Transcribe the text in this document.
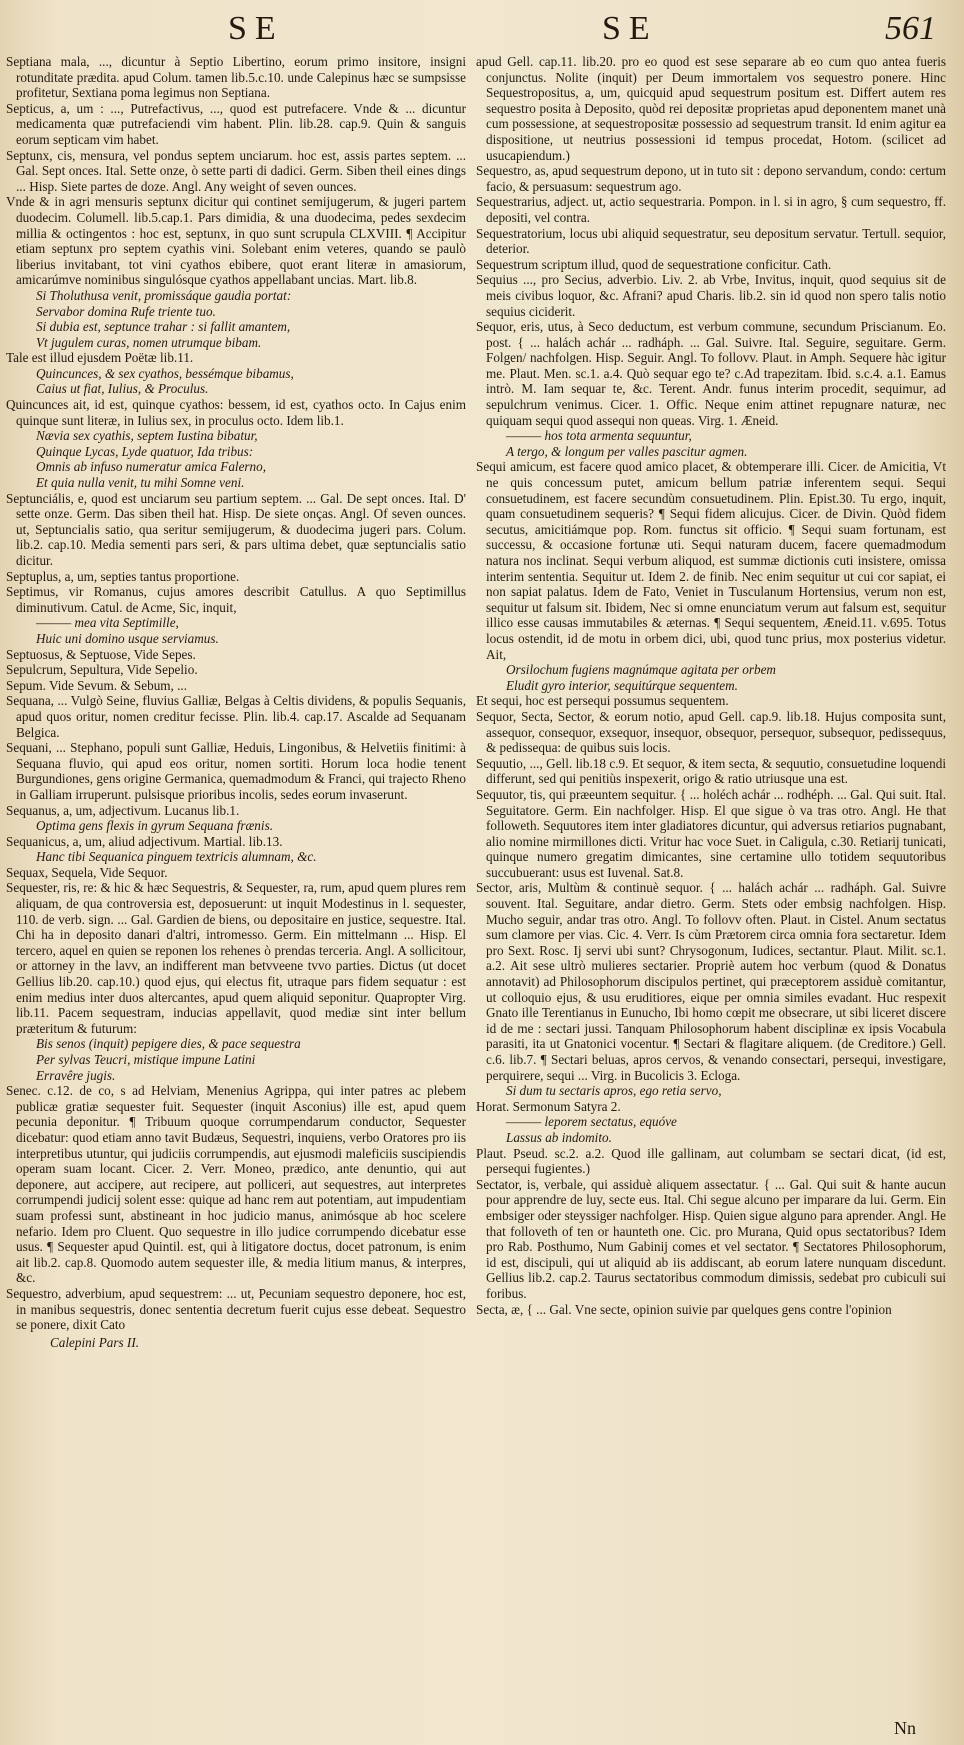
SE	SE	561

Septiana mala, ..., dicuntur à Septio Libertino, eorum primo insitore, insigni rotunditate prædita. apud Colum. tamen lib.5.c.10. unde Calepinus hæc se sumpsisse profitetur, Sextiana poma legimus non Septiana.

Septicus, a, um : ..., Putrefactivus, ..., quod est putrefacere. Vnde & ... dicuntur medicamenta quæ putrefaciendi vim habent. Plin. lib.28. cap.9. Quin & sanguis eorum septicam vim habet.

Septunx, cis, mensura, vel pondus septem unciarum. hoc est, assis partes septem. ... Gal. Sept onces. Ital. Sette onze, ò sette parti di dadici. Germ. Siben theil eines dings ... Hisp. Siete partes de doze. Angl. Any weight of seven ounces.

Vnde & in agri mensuris septunx dicitur qui continet semijugerum, & jugeri partem duodecim. Columell. lib.5.cap.1. Pars dimidia, & una duodecima, pedes sexdecim millia & octingentos : hoc est, septunx, in quo sunt scrupula CLXVIII. ¶ Accipitur etiam septunx pro septem cyathis vini. Solebant enim veteres, quando se paulò liberius invitabant, tot vini cyathos ebibere, quot erant literæ in amasiorum, amicarúmve nominibus singulósque cyathos appellabant uncias. Mart. lib.8.

Si Tholuthusa venit, promissáque gaudia portat:

Servabor domina Rufe triente tuo.

Si dubia est, septunce trahar : si fallit amantem,

Vt jugulem curas, nomen utrumque bibam.

Tale est illud ejusdem Poëtæ lib.11.

Quincunces, & sex cyathos, bessémque bibamus,

Caius ut fiat, Iulius, & Proculus.

Quincunces ait, id est, quinque cyathos: bessem, id est, cyathos octo. In Cajus enim quinque sunt literæ, in Iulius sex, in proculus octo. Idem lib.1.

Nævia sex cyathis, septem Iustina bibatur,

Quinque Lycas, Lyde quatuor, Ida tribus:

Omnis ab infuso numeratur amica Falerno,

Et quia nulla venit, tu mihi Somne veni.

Septunciális, e, quod est unciarum seu partium septem. ... Gal. De sept onces. Ital. D' sette onze. Germ. Das siben theil hat. Hisp. De siete onças. Angl. Of seven ounces. ut, Septuncialis satio, qua seritur semijugerum, & duodecima jugeri pars. Colum. lib.2. cap.10. Media sementi pars seri, & pars ultima debet, quæ septuncialis satio dicitur.

Septuplus, a, um, septies tantus proportione.

Septimus, vir Romanus, cujus amores describit Catullus. A quo Septimillus diminutivum. Catul. de Acme, Sic, inquit,

——— mea vita Septimille,

Huic uni domino usque serviamus.

Septuosus, & Septuose, Vide Sepes.

Sepulcrum, Sepultura, Vide Sepelio.

Sepum. Vide Sevum. & Sebum, ...

Sequana, ... Vulgò Seine, fluvius Galliæ, Belgas à Celtis dividens, & populis Sequanis, apud quos oritur, nomen creditur fecisse. Plin. lib.4. cap.17. Ascalde ad Sequanam Belgica.

Sequani, ... Stephano, populi sunt Galliæ, Heduis, Lingonibus, & Helvetiis finitimi: à Sequana fluvio, qui apud eos oritur, nomen sortiti. Horum loca hodie tenent Burgundiones, gens origine Germanica, quemadmodum & Franci, qui trajecto Rheno in Galliam irruperunt. pulsisque prioribus incolis, sedes eorum invaserunt.

Sequanus, a, um, adjectivum. Lucanus lib.1.

Optima gens flexis in gyrum Sequana frænis.

Sequanicus, a, um, aliud adjectivum. Martial. lib.13.

Hanc tibi Sequanica pinguem textricis alumnam, &c.

Sequax, Sequela, Vide Sequor.

Sequester, ris, re: & hic & hæc Sequestris, & Sequester, ra, rum, apud quem plures rem aliquam, de qua controversia est, deposuerunt: ut inquit Modestinus in l. sequester, 110. de verb. sign. ... Gal. Gardien de biens, ou depositaire en justice, sequestre. Ital. Chi ha in deposito danari d'altri, intromesso. Germ. Ein mittelmann ... Hisp. El tercero, aquel en quien se reponen los rehenes ò prendas terceria. Angl. A sollicitour, or attorney in the lavv, an indifferent man betvveene tvvo parties. Dictus (ut docet Gellius lib.20. cap.10.) quod ejus, qui electus fit, utraque pars fidem sequatur : est enim medius inter duos altercantes, apud quem aliquid seponitur. Quapropter Virg. lib.11. Pacem sequestram, inducias appellavit, quod mediæ sint inter bellum præteritum & futurum:

Bis senos (inquit) pepigere dies, & pace sequestra

Per sylvas Teucri, mistique impune Latini

Erravêre jugis.

Senec. c.12. de co, s ad Helviam, Menenius Agrippa, qui inter patres ac plebem publicæ gratiæ sequester fuit. Sequester (inquit Asconius) ille est, apud quem pecunia deponitur. ¶ Tribuum quoque corrumpendarum conductor, Sequester dicebatur: quod etiam anno tavit Budæus, Sequestri, inquiens, verbo Oratores pro iis interpretibus utuntur, qui judiciis corrumpendis, aut ejusmodi maleficiis suscipiendis operam suam locant. Cicer. 2. Verr. Moneo, prædico, ante denuntio, qui aut deponere, aut accipere, aut recipere, aut polliceri, aut sequestres, aut interpretes corrumpendi judicij solent esse: quique ad hanc rem aut potentiam, aut impudentiam suam professi sunt, abstineant in hoc judicio manus, animósque ab hoc scelere nefario. Idem pro Cluent. Quo sequestre in illo judice corrumpendo dicebatur esse usus. ¶ Sequester apud Quintil. est, qui à litigatore doctus, docet patronum, is enim ait lib.2. cap.8. Quomodo autem sequester ille, & media litium manus, & interpres, &c.

Sequestro, adverbium, apud sequestrem: ... ut, Pecuniam sequestro deponere, hoc est, in manibus sequestris, donec sententia decretum fuerit cujus esse debeat. Sequestro se ponere, dixit Cato

Calepini Pars II.

apud Gell. cap.11. lib.20. pro eo quod est sese separare ab eo cum quo antea fueris conjunctus. Nolite (inquit) per Deum immortalem vos sequestro ponere. Hinc Sequestropositus, a, um, quicquid apud sequestrum positum est. Differt autem res sequestro posita à Deposito, quòd rei depositæ proprietas apud deponentem manet unà cum possessione, at sequestropositæ possessio ad sequestrum transit. Id enim agitur ea dispositione, ut neutrius possessioni id tempus procedat, Hotom. (scilicet ad usucapiendum.)

Sequestro, as, apud sequestrum depono, ut in tuto sit : depono servandum, condo: certum facio, & persuasum: sequestrum ago.

Sequestrarius, adject. ut, actio sequestraria. Pompon. in l. si in agro, § cum sequestro, ff. depositi, vel contra.

Sequestratorium, locus ubi aliquid sequestratur, seu depositum servatur. Tertull. sequior, deterior.

Sequestrum scriptum illud, quod de sequestratione conficitur. Cath.

Sequius ..., pro Secius, adverbio. Liv. 2. ab Vrbe, Invitus, inquit, quod sequius sit de meis civibus loquor, &c. Afrani? apud Charis. lib.2. sin id quod non spero talis notio sequius ciciderit.

Sequor, eris, utus, à Seco deductum, est verbum commune, secundum Priscianum. Eo. post. { ... halách achár ... radháph. ... Gal. Suivre. Ital. Seguire, seguitare. Germ. Folgen/ nachfolgen. Hisp. Seguir. Angl. To follovv. Plaut. in Amph. Sequere hàc igitur me. Plaut. Men. sc.1. a.4. Quò sequar ego te? c.Ad trapezitam. Ibid. s.c.4. a.1. Eamus intrò. M. Iam sequar te, &c. Terent. Andr. funus interim procedit, sequimur, ad sepulchrum venimus. Cicer. 1. Offic. Neque enim attinet repugnare naturæ, nec quiquam sequi quod assequi non queas. Virg. 1. Æneid.

——— hos tota armenta sequuntur,

A tergo, & longum per valles pascitur agmen.

Sequi amicum, est facere quod amico placet, & obtemperare illi. Cicer. de Amicitia, Vt ne quis concessum putet, amicum bellum patriæ inferentem sequi. Sequi consuetudinem, est facere secundùm consuetudinem. Plin. Epist.30. Tu ergo, inquit, quam consuetudinem sequeris? ¶ Sequi fidem alicujus. Cicer. de Divin. Quòd fidem secutus, amicitiámque pop. Rom. functus sit officio. ¶ Sequi suam fortunam, est successu, & occasione fortunæ uti. Sequi naturam ducem, facere quemadmodum natura nos inclinat. Sequi verbum aliquod, est summæ dictionis cuti insistere, omissa interim sententia. Sequitur ut. Idem 2. de finib. Nec enim sequitur ut cui cor sapiat, ei non sapiat palatus. Idem de Fato, Veniet in Tusculanum Hortensius, verum non est, sequitur ut falsum sit. Ibidem, Nec si omne enunciatum verum aut falsum est, sequitur illico esse causas immutabiles & æternas. ¶ Sequi sequentem, Æneid.11. v.695. Totus locus ostendit, id de motu in orbem dici, ubi, quod tunc prius, mox posterius videtur. Ait,

Orsilochum fugiens magnúmque agitata per orbem

Eludit gyro interior, sequitúrque sequentem.

Et sequi, hoc est persequi possumus sequentem.

Sequor, Secta, Sector, & eorum notio, apud Gell. cap.9. lib.18. Hujus composita sunt, assequor, consequor, exsequor, insequor, obsequor, persequor, subsequor, pedissequus, & pedissequa: de quibus suis locis.

Sequutio, ..., Gell. lib.18 c.9. Et sequor, & item secta, & sequutio, consuetudine loquendi differunt, sed qui penitiùs inspexerit, origo & ratio utriusque una est.

Sequutor, tis, qui præeuntem sequitur. { ... holéch achár ... rodhéph. ... Gal. Qui suit. Ital. Seguitatore. Germ. Ein nachfolger. Hisp. El que sigue ò va tras otro. Angl. He that followeth. Sequutores item inter gladiatores dicuntur, qui adversus retiarios pugnabant, alio nomine mirmillones dicti. Vritur hac voce Suet. in Caligula, c.30. Retiarij tunicati, quinque numero gregatim dimicantes, sine certamine ullo totidem sequutoribus succubuerant: usus est Iuvenal. Sat.8.

Sector, aris, Multùm & continuè sequor. { ... halách achár ... radháph. Gal. Suivre souvent. Ital. Seguitare, andar dietro. Germ. Stets oder embsig nachfolgen. Hisp. Mucho seguir, andar tras otro. Angl. To follovv often. Plaut. in Cistel. Anum sectatus sum clamore per vias. Cic. 4. Verr. Is cùm Prætorem circa omnia fora sectaretur. Idem pro Sext. Rosc. Ij servi ubi sunt? Chrysogonum, Iudices, sectantur. Plaut. Milit. sc.1. a.2. Ait sese ultrò mulieres sectarier. Propriè autem hoc verbum (quod & Donatus annotavit) ad Philosophorum discipulos pertinet, qui præceptorem assiduè comitantur, ut colloquio ejus, & usu eruditiores, eique per omnia similes evadant. Huc respexit Gnato ille Terentianus in Eunucho, Ibi homo cœpit me obsecrare, ut sibi liceret discere id de me : sectari jussi. Tanquam Philosophorum habent disciplinæ ex ipsis Vocabula parasiti, ita ut Gnatonici vocentur. ¶ Sectari & flagitare aliquem. (de Creditore.) Gell. c.6. lib.7. ¶ Sectari beluas, apros cervos, & venando consectari, persequi, investigare, perquirere, sequi ... Virg. in Bucolicis 3. Ecloga.

Si dum tu sectaris apros, ego retia servo,

Horat. Sermonum Satyra 2.

——— leporem sectatus, equóve

Lassus ab indomito.

Plaut. Pseud. sc.2. a.2. Quod ille gallinam, aut columbam se sectari dicat, (id est, persequi fugientes.)

Sectator, is, verbale, qui assiduè aliquem assectatur. { ... Gal. Qui suit & hante aucun pour apprendre de luy, secte eus. Ital. Chi segue alcuno per imparare da lui. Germ. Ein embsiger oder steyssiger nachfolger. Hisp. Quien sigue alguno para aprender. Angl. He that folloveth of ten or haunteth one. Cic. pro Murana, Quid opus sectatoribus? Idem pro Rab. Posthumo, Num Gabinij comes et vel sectator. ¶ Sectatores Philosophorum, id est, discipuli, qui ut aliquid ab iis addiscant, ab eorum latere nunquam discedunt. Gellius lib.2. cap.2. Taurus sectatoribus commodum dimissis, sedebat pro cubiculi sui foribus.

Secta, æ, { ... Gal. Vne secte, opinion suivie par quelques gens contre l'opinion

Nn
